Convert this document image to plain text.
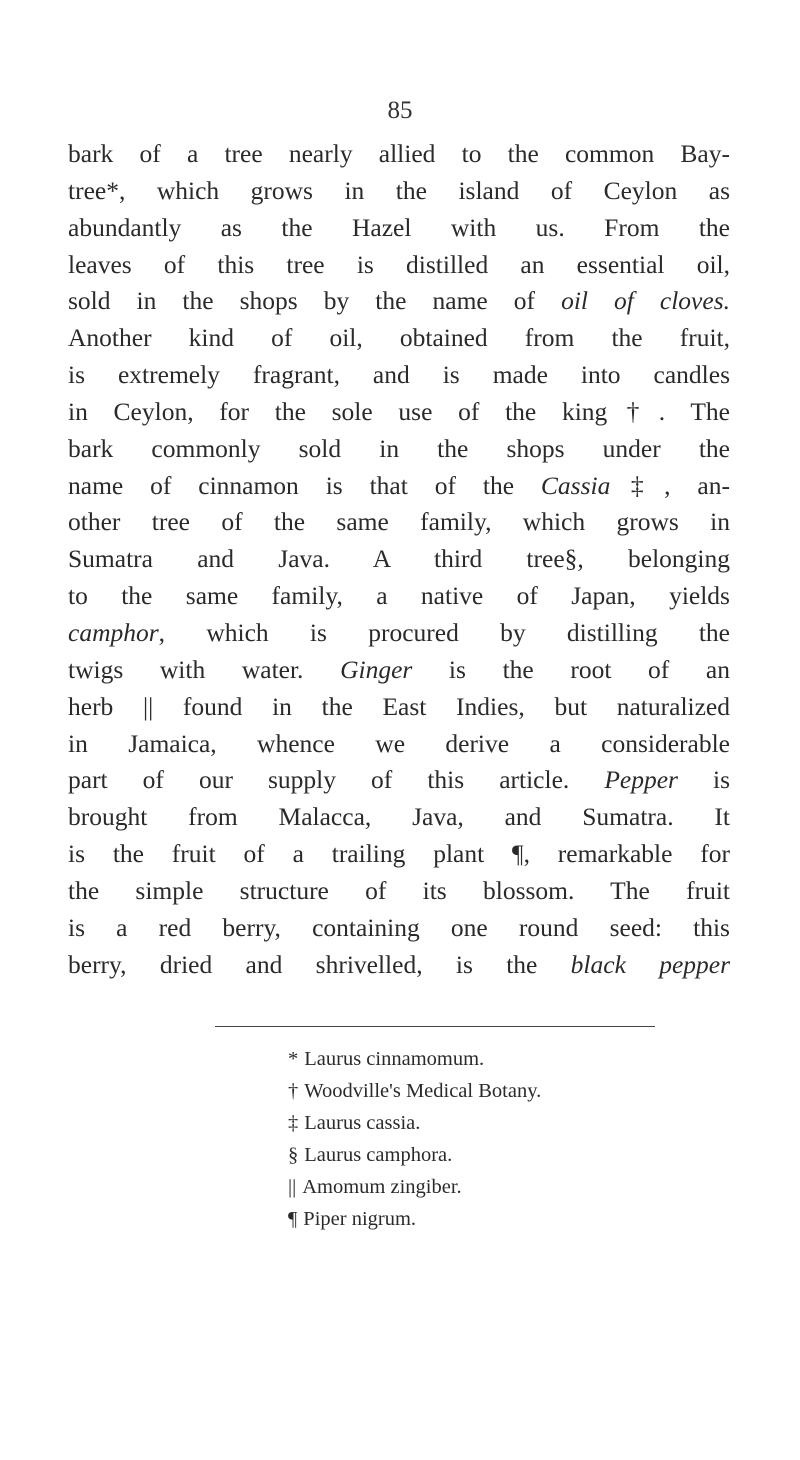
85
bark of a tree nearly allied to the common Bay-
tree*, which grows in the island of Ceylon as
abundantly as the Hazel with us. From the
leaves of this tree is distilled an essential oil,
sold in the shops by the name of oil of cloves.
Another kind of oil, obtained from the fruit,
is extremely fragrant, and is made into candles
in Ceylon, for the sole use of the king†. The
bark commonly sold in the shops under the
name of cinnamon is that of the Cassia‡, an-
other tree of the same family, which grows in
Sumatra and Java. A third tree§, belonging
to the same family, a native of Japan, yields
camphor, which is procured by distilling the
twigs with water. Ginger is the root of an
herb || found in the East Indies, but naturalized
in Jamaica, whence we derive a considerable
part of our supply of this article. Pepper is
brought from Malacca, Java, and Sumatra. It
is the fruit of a trailing plant ¶, remarkable for
the simple structure of its blossom. The fruit
is a red berry, containing one round seed: this
berry, dried and shrivelled, is the black pepper
* Laurus cinnamomum.
† Woodville's Medical Botany.
‡ Laurus cassia.
§ Laurus camphora.
|| Amomum zingiber.
¶ Piper nigrum.
